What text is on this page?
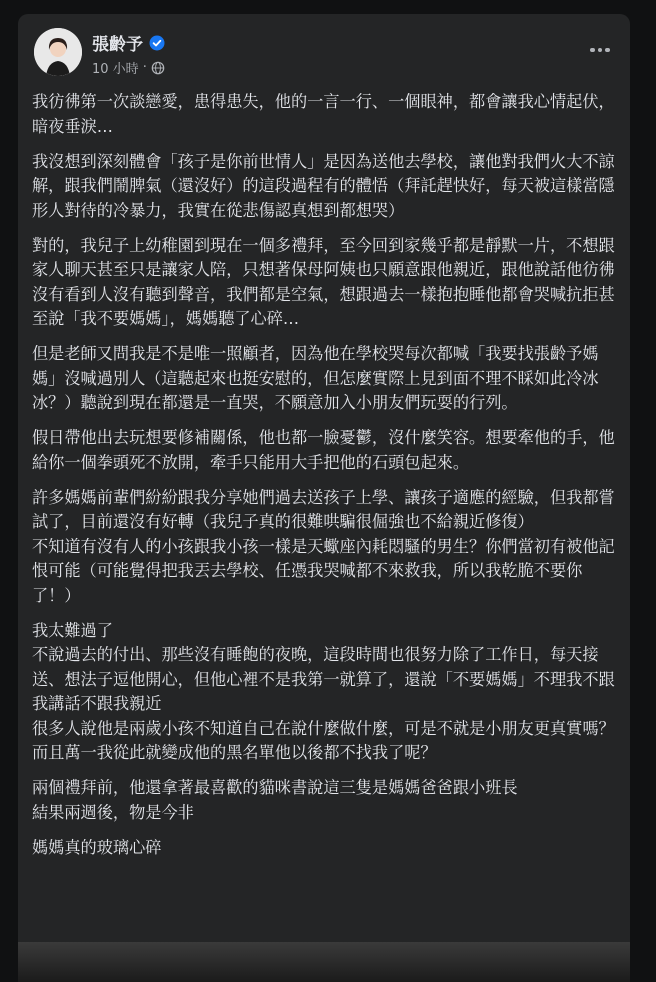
張齡予
10 小時 ·

我彷彿第一次談戀愛，患得患失，他的一言一行、一個眼神，都會讓我心情起伏，暗夜垂淚…

我沒想到深刻體會「孩子是你前世情人」是因為送他去學校，讓他對我們火大不諒解，跟我們鬧脾氣（還沒好）的這段過程有的體悟（拜託趕快好，每天被這樣當隱形人對待的冷暴力，我實在從悲傷認真想到都想哭）

對的，我兒子上幼稚園到現在一個多禮拜，至今回到家幾乎都是靜默一片，不想跟家人聊天甚至只是讓家人陪，只想著保母阿姨也只願意跟他親近，跟他說話他彷彿沒有看到人沒有聽到聲音，我們都是空氣，想跟過去一樣抱抱睡他都會哭喊抗拒甚至說「我不要媽媽」，媽媽聽了心碎…

但是老師又問我是不是唯一照顧者，因為他在學校哭每次都喊「我要找張齡予媽媽」沒喊過別人（這聽起來也挺安慰的，但怎麼實際上見到面不理不睬如此冷冰冰？）聽說到現在都還是一直哭，不願意加入小朋友們玩耍的行列。

假日帶他出去玩想要修補關係，他也都一臉憂鬱，沒什麼笑容。想要牽他的手，他給你一個拳頭死不放開，牽手只能用大手把他的石頭包起來。

許多媽媽前輩們紛紛跟我分享她們過去送孩子上學、讓孩子適應的經驗，但我都嘗試了，目前還沒有好轉（我兒子真的很難哄騙很倔強也不給親近修復）
不知道有沒有人的小孩跟我小孩一樣是天蠍座內耗悶騷的男生？你們當初有被他記恨可能（可能覺得把我丟去學校、任憑我哭喊都不來救我，所以我乾脆不要你了！）

我太難過了
不說過去的付出、那些沒有睡飽的夜晚，這段時間也很努力除了工作日，每天接送、想法子逗他開心，但他心裡不是我第一就算了，還說「不要媽媽」不理我不跟我講話不跟我親近
很多人說他是兩歲小孩不知道自己在說什麼做什麼，可是不就是小朋友更真實嗎？而且萬一我從此就變成他的黑名單他以後都不找我了呢？

兩個禮拜前，他還拿著最喜歡的貓咪書說這三隻是媽媽爸爸跟小班長
結果兩週後，物是今非

媽媽真的玻璃心碎
